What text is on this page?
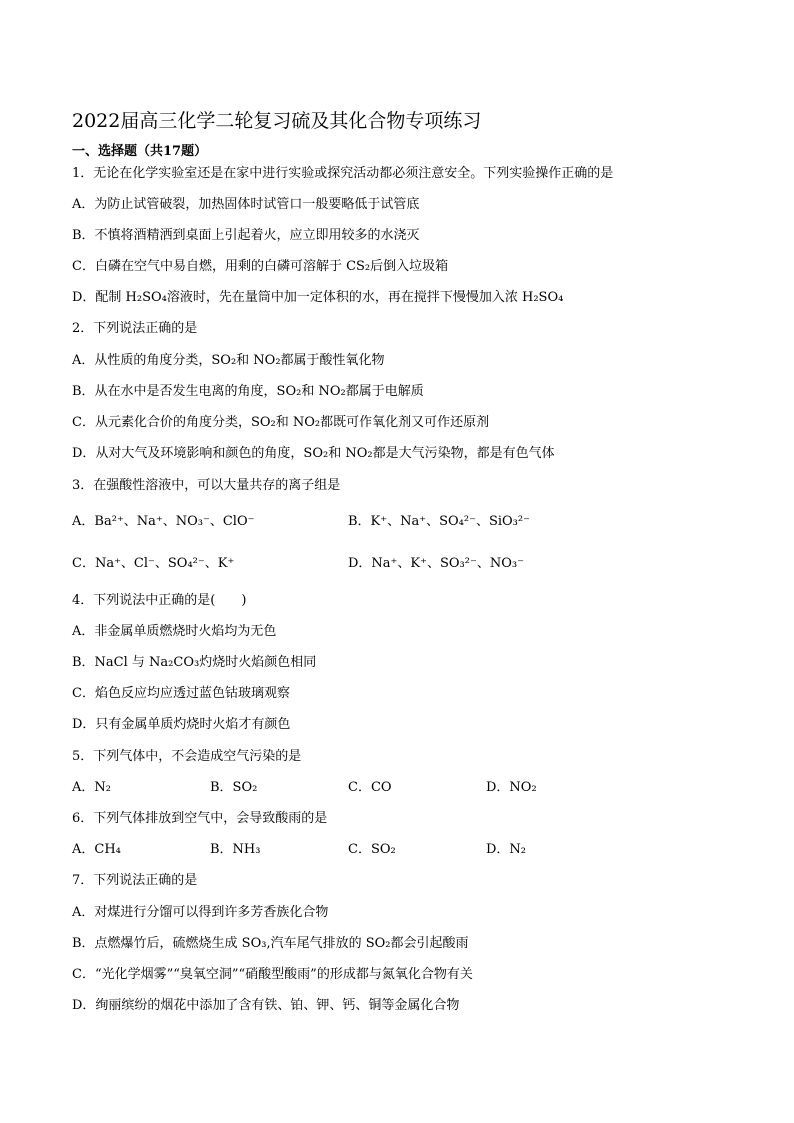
2022届高三化学二轮复习硫及其化合物专项练习
一、选择题（共17题）
1．无论在化学实验室还是在家中进行实验或探究活动都必须注意安全。下列实验操作正确的是
A．为防止试管破裂，加热固体时试管口一般要略低于试管底
B．不慎将酒精洒到桌面上引起着火，应立即用较多的水浇灭
C．白磷在空气中易自燃，用剩的白磷可溶解于 CS₂后倒入垃圾箱
D．配制 H₂SO₄溶液时，先在量筒中加一定体积的水，再在搅拌下慢慢加入浓 H₂SO₄
2．下列说法正确的是
A．从性质的角度分类，SO₂和 NO₂都属于酸性氧化物
B．从在水中是否发生电离的角度，SO₂和 NO₂都属于电解质
C．从元素化合价的角度分类，SO₂和 NO₂都既可作氧化剂又可作还原剂
D．从对大气及环境影响和颜色的角度，SO₂和 NO₂都是大气污染物，都是有色气体
3．在强酸性溶液中，可以大量共存的离子组是
A．Ba²⁺、Na⁺、NO₃⁻、ClO⁻	B．K⁺、Na⁺、SO₄²⁻、SiO₃²⁻
C．Na⁺、Cl⁻、SO₄²⁻、K⁺	D．Na⁺、K⁺、SO₃²⁻、NO₃⁻
4．下列说法中正确的是(　　)
A．非金属单质燃烧时火焰均为无色
B．NaCl 与 Na₂CO₃灼烧时火焰颜色相同
C．焰色反应均应透过蓝色钴玻璃观察
D．只有金属单质灼烧时火焰才有颜色
5．下列气体中，不会造成空气污染的是
A．N₂	B．SO₂	C．CO	D．NO₂
6．下列气体排放到空气中，会导致酸雨的是
A．CH₄	B．NH₃	C．SO₂	D．N₂
7．下列说法正确的是
A．对煤进行分馏可以得到许多芳香族化合物
B．点燃爆竹后，硫燃烧生成 SO₃,汽车尾气排放的 SO₂都会引起酸雨
C．“光化学烟雾”“臭氧空洞”“硝酸型酸雨”的形成都与氮氧化合物有关
D．绚丽缤纷的烟花中添加了含有铁、铂、钾、钙、铜等金属化合物
